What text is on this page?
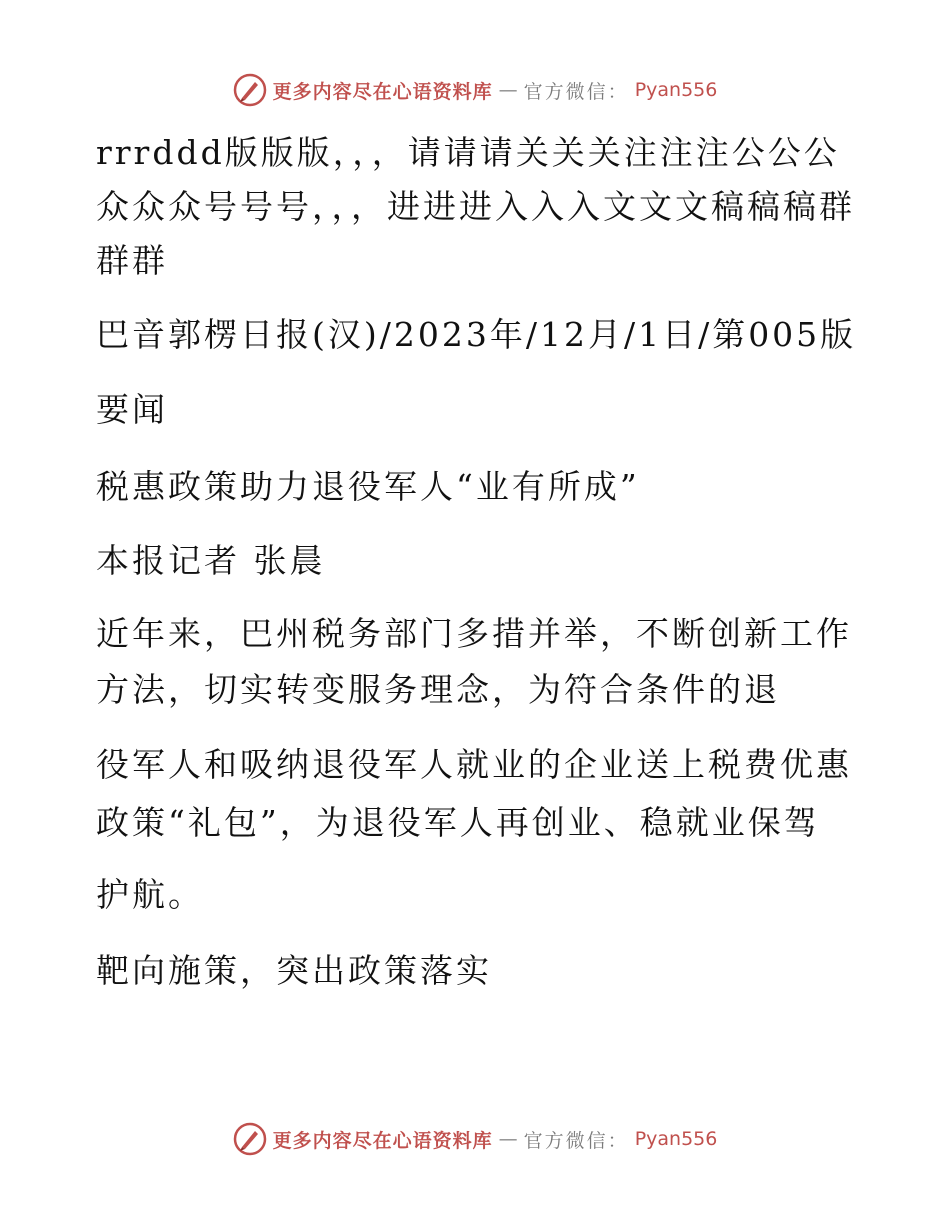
更多内容尽在心语资料库 — 官方微信： Pyan556
rrrddd版版版，，，请请请关关关注注注公公公
众众众号号号，，，进进进入入入文文文稿稿稿群
群群
巴音郭楞日报(汉)/2023年/12月/1日/第005版
要闻
税惠政策助力退役军人“业有所成”
本报记者 张晨
近年来，巴州税务部门多措并举，不断创新工作
方法，切实转变服务理念，为符合条件的退
役军人和吸纳退役军人就业的企业送上税费优惠
政策“礼包”，为退役军人再创业、稳就业保驾
护航。
靶向施策，突出政策落实
更多内容尽在心语资料库 — 官方微信： Pyan556
